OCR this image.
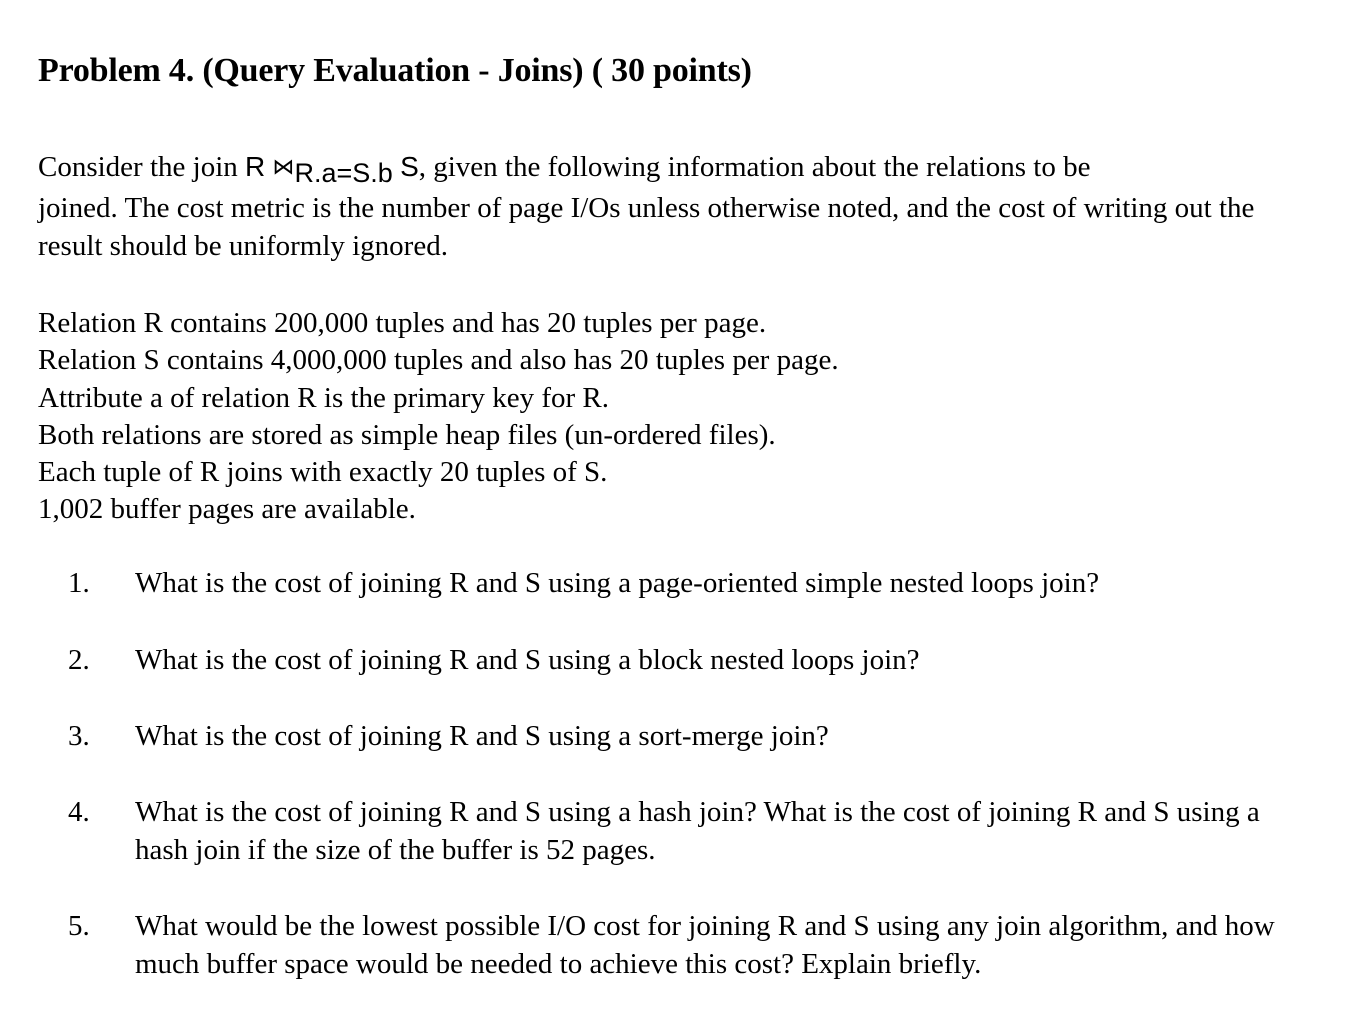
Problem 4. (Query Evaluation - Joins) ( 30 points)
Consider the join R ⋈R.a=S.b S, given the following information about the relations to be
joined. The cost metric is the number of page I/Os unless otherwise noted, and the cost of writing out the result should be uniformly ignored.
Relation R contains 200,000 tuples and has 20 tuples per page.
Relation S contains 4,000,000 tuples and also has 20 tuples per page.
Attribute a of relation R is the primary key for R.
Both relations are stored as simple heap files (un-ordered files).
Each tuple of R joins with exactly 20 tuples of S.
1,002 buffer pages are available.
1. What is the cost of joining R and S using a page-oriented simple nested loops join?
2. What is the cost of joining R and S using a block nested loops join?
3. What is the cost of joining R and S using a sort-merge join?
4. What is the cost of joining R and S using a hash join? What is the cost of joining R and S using a hash join if the size of the buffer is 52 pages.
5. What would be the lowest possible I/O cost for joining R and S using any join algorithm, and how much buffer space would be needed to achieve this cost? Explain briefly.
